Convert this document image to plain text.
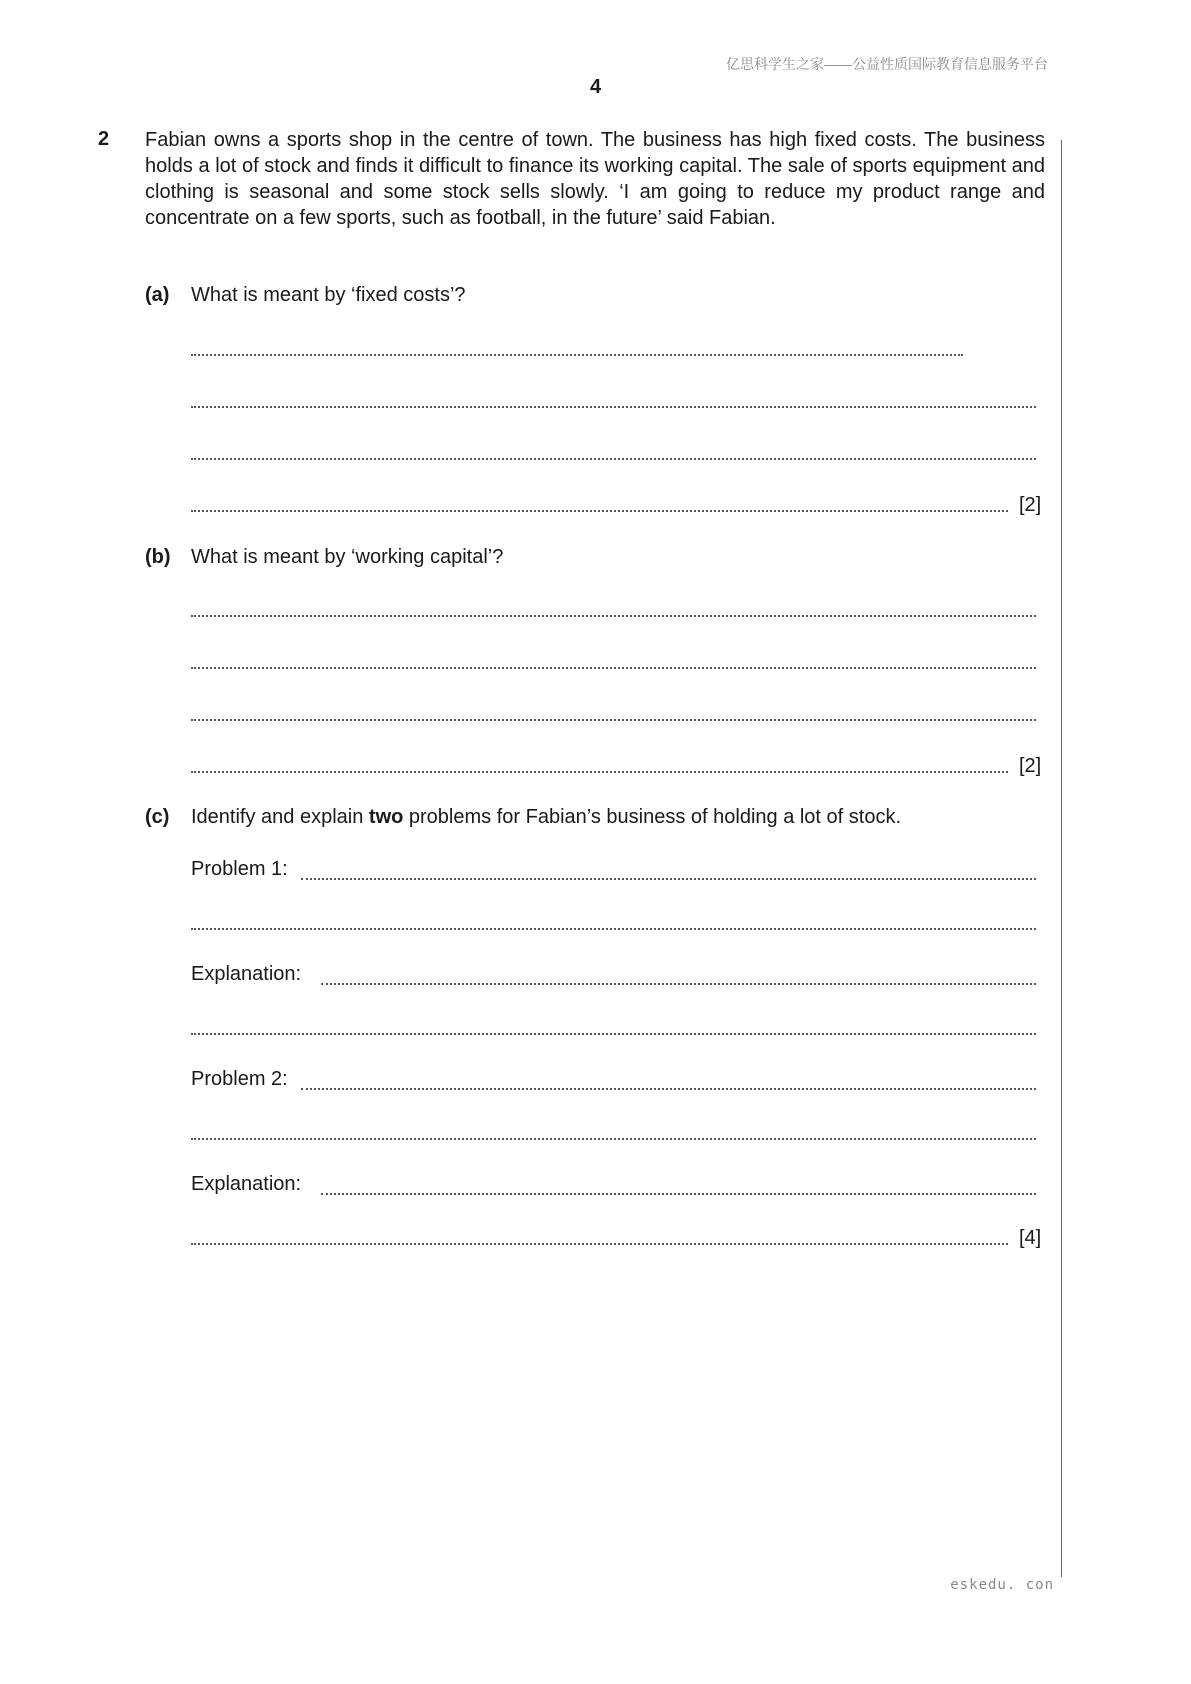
亿思科学生之家——公益性质国际教育信息服务平台
4
2 Fabian owns a sports shop in the centre of town. The business has high fixed costs. The business holds a lot of stock and finds it difficult to finance its working capital. The sale of sports equipment and clothing is seasonal and some stock sells slowly. ‘I am going to reduce my product range and concentrate on a few sports, such as football, in the future’ said Fabian.
(a) What is meant by ‘fixed costs’?
[2]
(b) What is meant by ‘working capital’?
[2]
(c) Identify and explain two problems for Fabian’s business of holding a lot of stock.
Problem 1:
Explanation:
Problem 2:
Explanation:
[4]
eskedu. con
